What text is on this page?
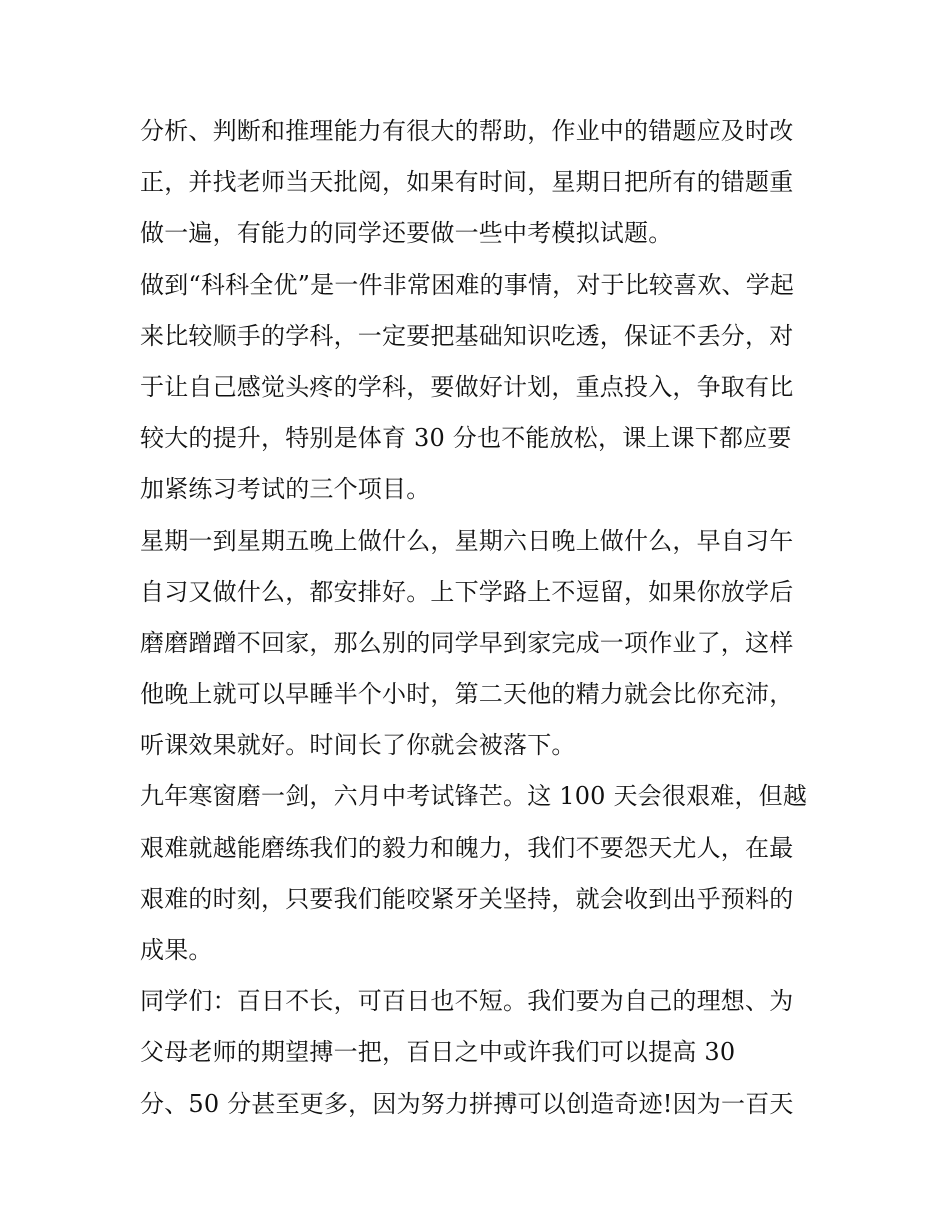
分析、判断和推理能力有很大的帮助，作业中的错题应及时改
正，并找老师当天批阅，如果有时间，星期日把所有的错题重
做一遍，有能力的同学还要做一些中考模拟试题。
做到“科科全优”是一件非常困难的事情，对于比较喜欢、学起
来比较顺手的学科，一定要把基础知识吃透，保证不丢分，对
于让自己感觉头疼的学科，要做好计划，重点投入，争取有比
较大的提升，特别是体育 30 分也不能放松，课上课下都应要
加紧练习考试的三个项目。
星期一到星期五晚上做什么，星期六日晚上做什么，早自习午
自习又做什么，都安排好。上下学路上不逗留，如果你放学后
磨磨蹭蹭不回家，那么别的同学早到家完成一项作业了，这样
他晚上就可以早睡半个小时，第二天他的精力就会比你充沛，
听课效果就好。时间长了你就会被落下。
九年寒窗磨一剑，六月中考试锋芒。这 100 天会很艰难，但越
艰难就越能磨练我们的毅力和魄力，我们不要怨天尤人，在最
艰难的时刻，只要我们能咬紧牙关坚持，就会收到出乎预料的
成果。
同学们：百日不长，可百日也不短。我们要为自己的理想、为
父母老师的期望搏一把，百日之中或许我们可以提高 30
分、50 分甚至更多，因为努力拼搏可以创造奇迹!因为一百天
